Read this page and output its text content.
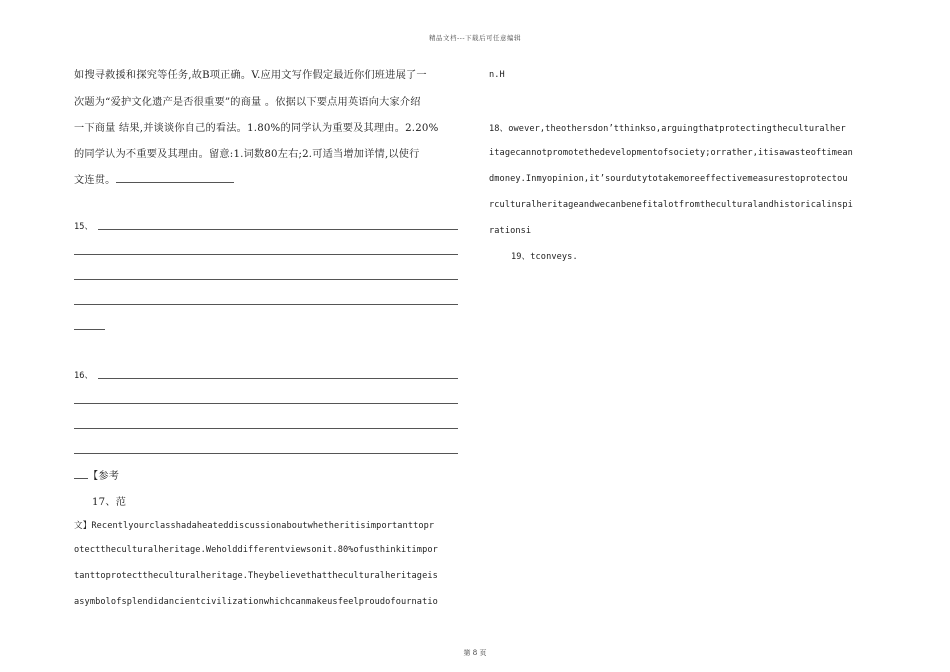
精品文档---下载后可任意编辑
如搜寻救援和探究等任务,故B项正确。V.应用文写作假定最近你们班进展了一
次题为“爱护文化遗产是否很重要”的商量 。依据以下要点用英语向大家介绍
一下商量 结果,并谈谈你自己的看法。1.80%的同学认为重要及其理由。2.20%
的同学认为不重要及其理由。留意:1.词数80左右;2.可适当增加详情,以使行
文连贯。
15、
16、
【参考
17、范
文】Recentlyourclasshadaheateddiscussionaboutwhetheritisimportanttopr
otecttheculturalheritage.Weholddifferentviewsonit.80%ofusthinkitimpor
tanttoprotecttheculturalheritage.Theybelievethattheculturalheritageis
asymbolofsplendidancientcivilizationwhichcanmakeusfeelproudofournatio
n.H
18、owever,theothersdon’tthinkso,arguingthatprotectingtheculturalher
itagecannotpromotethedevelopmentofsociety;orrather,itisawasteoftimean
dmoney.Inmyopinion,it’sourdutytotakemoreeffectivemeasurestoprotectou
rculturalheritageandwecanbenefitalotfromtheculturalandhistoricalinspi
rationsi
19、tconveys.
第 8 页
